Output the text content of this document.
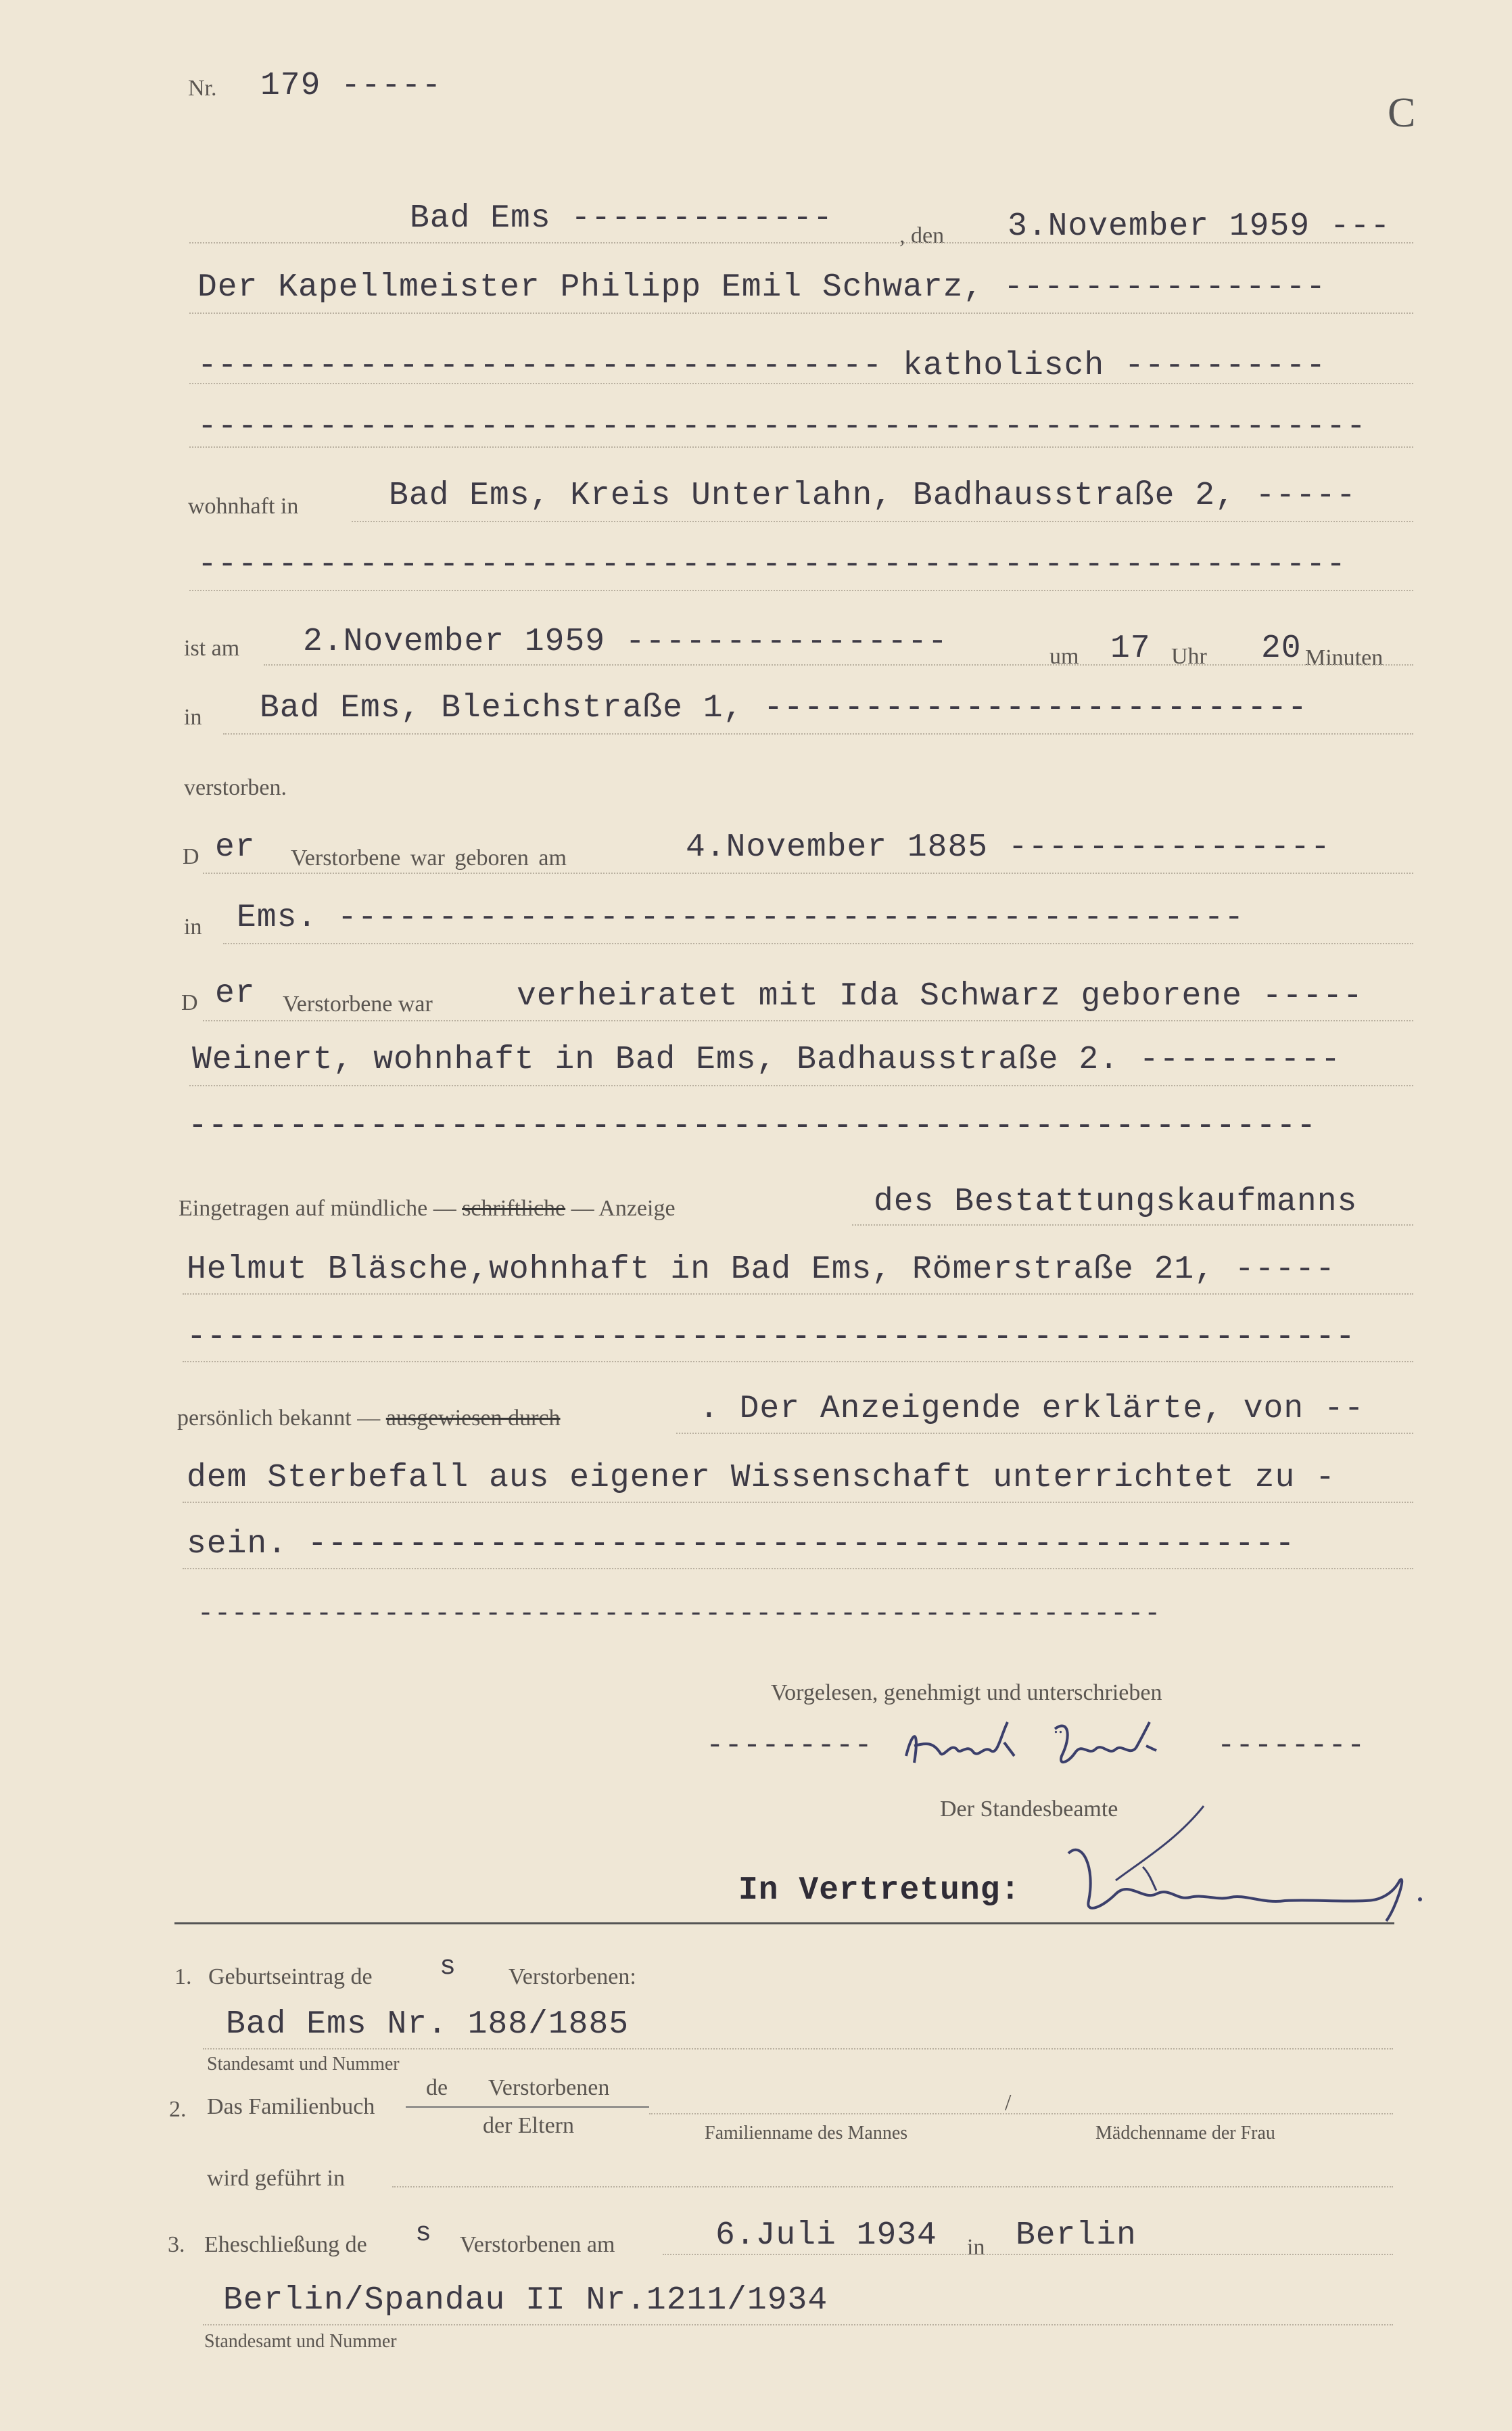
Nr. 179 -----
C
Bad Ems -------------	, den 3.November 1959 ---
Der Kapellmeister Philipp Emil Schwarz, ----------------
---------------------------------- katholisch ----------
----------------------------------------------------------
wohnhaft in	Bad Ems, Kreis Unterlahn, Badhausstraße 2, -----
---------------------------------------------------------
ist am 2.November 1959 ----------------	um 17 Uhr 20 Minuten
in Bad Ems, Bleichstraße 1, ---------------------------
verstorben.
D er Verstorbene war geboren am	4.November 1885 ----------------
in Ems. ---------------------------------------------
D er Verstorbene war	verheiratet mit Ida Schwarz geborene -----
Weinert, wohnhaft in Bad Ems, Badhausstraße 2. ----------
--------------------------------------------------------
Eingetragen auf mündliche — schriftliche — Anzeige	des Bestattungskaufmanns
Helmut Bläsche,wohnhaft in Bad Ems, Römerstraße 21, -----
----------------------------------------------------------
persönlich bekannt — ausgewiesen durch	. Der Anzeigende erklärte, von --
dem Sterbefall aus eigener Wissenschaft unterrichtet zu -
sein. -------------------------------------------------
---------------------------------------------------------
Vorgelesen, genehmigt und unterschrieben
---------	--------
..
Der Standesbeamte
In Vertretung:
1. Geburtseintrag de s Verstorbenen:
Bad Ems Nr. 188/1885
Standesamt und Nummer
2. Das Familienbuch
de Verstorbenen
der Eltern
/
Familienname des Mannes	Mädchenname der Frau
wird geführt in
3. Eheschließung de s Verstorbenen am	6.Juli 1934 in Berlin
Berlin/Spandau II Nr.1211/1934
Standesamt und Nummer
